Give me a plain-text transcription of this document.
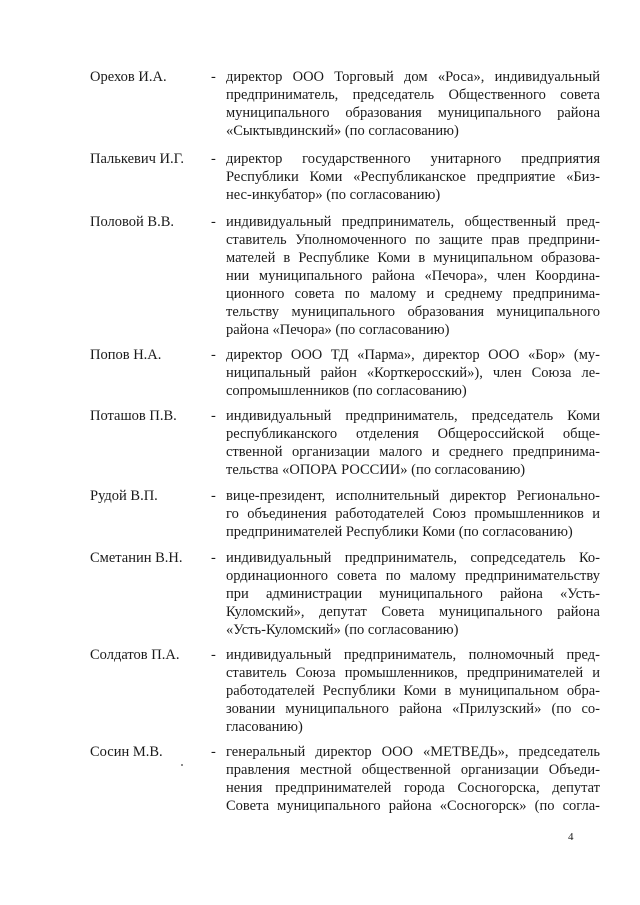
Орехов И.А.	- директор ООО Торговый дом «Роса», индивидуальный
предприниматель, председатель Общественного совета
муниципального образования муниципального района
«Сыктывдинский» (по согласованию)
Палькевич И.Г. - директор государственного унитарного предприятия
Республики Коми «Республиканское предприятие «Биз-
нес-инкубатор» (по согласованию)
Половой В.В.	- индивидуальный предприниматель, общественный пред-
ставитель Уполномоченного по защите прав предприни-
мателей в Республике Коми в муниципальном образова-
нии муниципального района «Печора», член Координа-
ционного совета по малому и среднему предпринима-
тельству муниципального образования муниципального
района «Печора» (по согласованию)
Попов Н.А.	- директор ООО ТД «Парма», директор ООО «Бор» (му-
ниципальный район «Корткеросский»), член Союза ле-
сопромышленников (по согласованию)
Поташов П.В. - индивидуальный предприниматель, председатель Коми
республиканского отделения Общероссийской обще-
ственной организации малого и среднего предпринима-
тельства «ОПОРА РОССИИ» (по согласованию)
Рудой В.П.	- вице-президент, исполнительный директор Регионально-
го объединения работодателей Союз промышленников и
предпринимателей Республики Коми (по согласованию)
Сметанин В.Н. - индивидуальный предприниматель, сопредседатель Ко-
ординационного совета по малому предпринимательству
при администрации муниципального района «Усть-
Куломский», депутат Совета муниципального района
«Усть-Куломский» (по согласованию)
Солдатов П.А. - индивидуальный предприниматель, полномочный пред-
ставитель Союза промышленников, предпринимателей и
работодателей Республики Коми в муниципальном обра-
зовании муниципального района «Прилузский» (по со-
гласованию)
Сосин М.В.	- генеральный директор ООО «МЕТВЕДЬ», председатель
правления местной общественной организации Объеди-
нения предпринимателей города Сосногорска, депутат
Совета муниципального района «Сосногорск» (по согла-
4
